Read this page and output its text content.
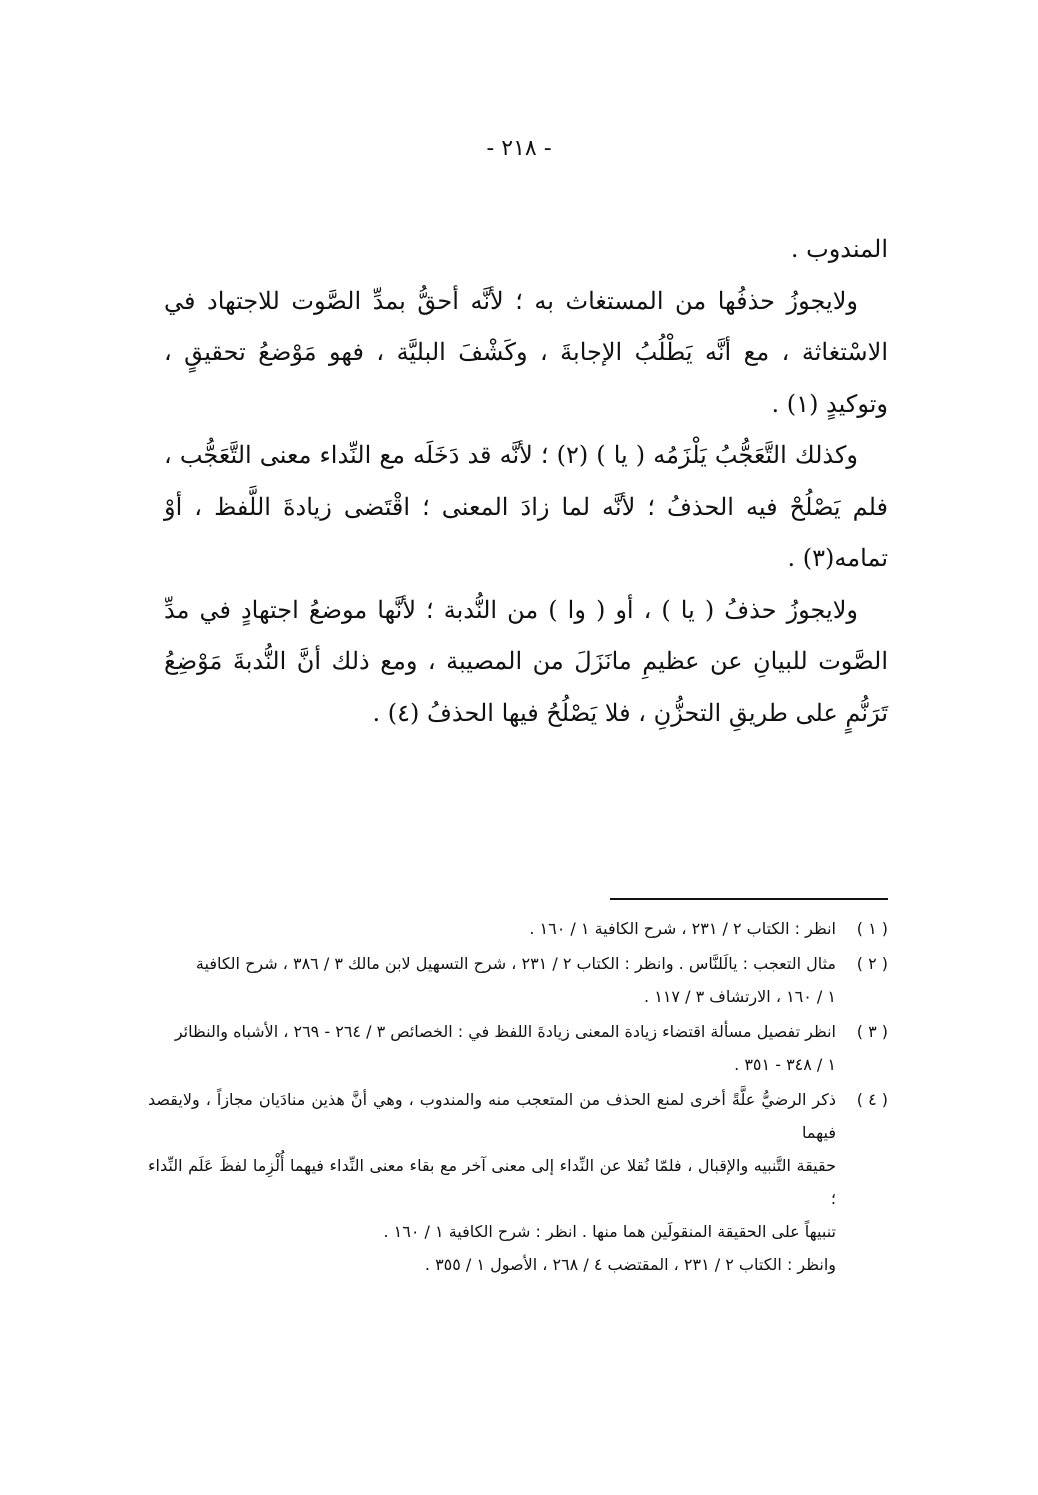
- ٢١٨ -

المندوب .

ولايجوزُ حذفُها من المستغاث به ؛ لأنَّه أحقُّ بمدِّ الصَّوت للاجتهاد في الاسْتغاثة ، مع أنَّه يَطْلُبُ الإجابةَ ، وكَشْفَ البليَّة ، فهو مَوْضعُ تحقيقٍ ، وتوكيدٍ (١) .

وكذلك التَّعَجُّبُ يَلْزَمُه ( يا ) (٢) ؛ لأنَّه قد دَخَلَه مع النِّداء معنى التَّعَجُّب ، فلم يَصْلُحْ فيه الحذفُ ؛ لأنَّه لما زادَ المعنى ؛ اقْتَضى زيادةَ اللَّفظ ، أوْ تمامه(٣) .

ولايجوزُ حذفُ ( يا ) ، أو ( وا ) من النُّدبة ؛ لأنَّها موضعُ اجتهادٍ في مدِّ الصَّوت للبيانِ عن عظيمِ مانَزَلَ من المصيبة ، ومع ذلك أنَّ النُّدبةَ مَوْضِعُ تَرَنُّمٍ على طريقِ التحزُّنِ ، فلا يَصْلُحُ فيها الحذفُ (٤) .

( ١ )
انظر : الكتاب ٢ / ٢٣١ ، شرح الكافية ١ / ١٦٠ .
( ٢ )
مثال التعجب : يالَلنَّاس . وانظر : الكتاب ٢ / ٢٣١ ، شرح التسهيل لابن مالك ٣ / ٣٨٦ ، شرح الكافية
١ / ١٦٠ ، الارتشاف ٣ / ١١٧ .
( ٣ )
انظر تفصيل مسألة اقتضاء زيادة المعنى زيادةَ اللفظ في : الخصائص ٣ / ٢٦٤ - ٢٦٩ ، الأشباه والنظائر
١ / ٣٤٨ - ٣٥١ .
( ٤ )
ذكر الرضيُّ علَّةً أخرى لمنع الحذف من المتعجب منه والمندوب ، وهي أنَّ هذين منادَيان مجازاً ، ولايقصد فيهما
حقيقة التَّنبيه والإقبال ، فلمّا نُقلا عن النِّداء إلى معنى آخر مع بقاء معنى النِّداء فيهما أُلْزِما لفظَ عَلَم النِّداء ؛
تنبيهاً على الحقيقة المنقولَين هما منها . انظر : شرح الكافية ١ / ١٦٠ .
وانظر : الكتاب ٢ / ٢٣١ ، المقتضب ٤ / ٢٦٨ ، الأصول ١ / ٣٥٥ .
